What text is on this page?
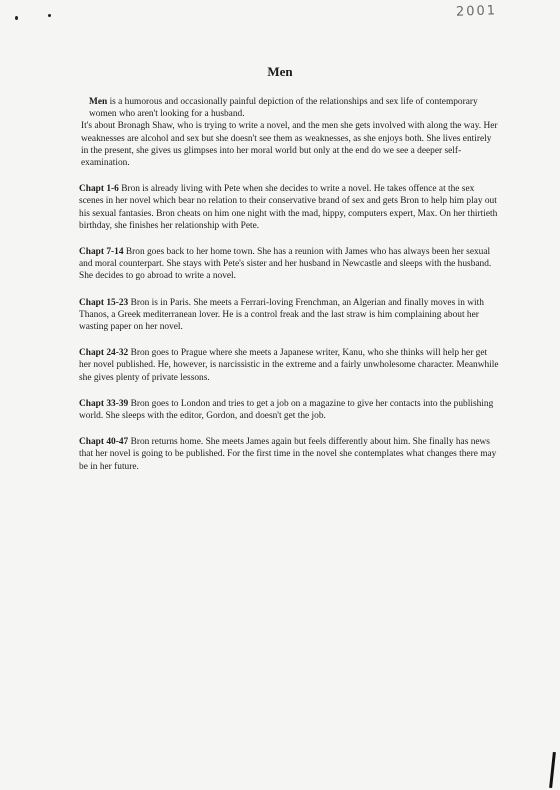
2001
Men

Men is a humorous and occasionally painful depiction of the relationships and sex life of contemporary women who aren't looking for a husband.
It's about Bronagh Shaw, who is trying to write a novel, and the men she gets involved with along the way. Her weaknesses are alcohol and sex but she doesn't see them as weaknesses, as she enjoys both. She lives entirely in the present, she gives us glimpses into her moral world but only at the end do we see a deeper self-examination.

Chapt 1-6 Bron is already living with Pete when she decides to write a novel. He takes offence at the sex scenes in her novel which bear no relation to their conservative brand of sex and gets Bron to help him play out his sexual fantasies. Bron cheats on him one night with the mad, hippy, computers expert, Max. On her thirtieth birthday, she finishes her relationship with Pete.

Chapt 7-14 Bron goes back to her home town. She has a reunion with James who has always been her sexual and moral counterpart. She stays with Pete's sister and her husband in Newcastle and sleeps with the husband. She decides to go abroad to write a novel.

Chapt 15-23 Bron is in Paris. She meets a Ferrari-loving Frenchman, an Algerian and finally moves in with Thanos, a Greek mediterranean lover. He is a control freak and the last straw is him complaining about her wasting paper on her novel.

Chapt 24-32 Bron goes to Prague where she meets a Japanese writer, Kanu, who she thinks will help her get her novel published. He, however, is narcissistic in the extreme and a fairly unwholesome character. Meanwhile she gives plenty of private lessons.

Chapt 33-39 Bron goes to London and tries to get a job on a magazine to give her contacts into the publishing world. She sleeps with the editor, Gordon, and doesn't get the job.

Chapt 40-47 Bron returns home. She meets James again but feels differently about him. She finally has news that her novel is going to be published. For the first time in the novel she contemplates what changes there may be in her future.
